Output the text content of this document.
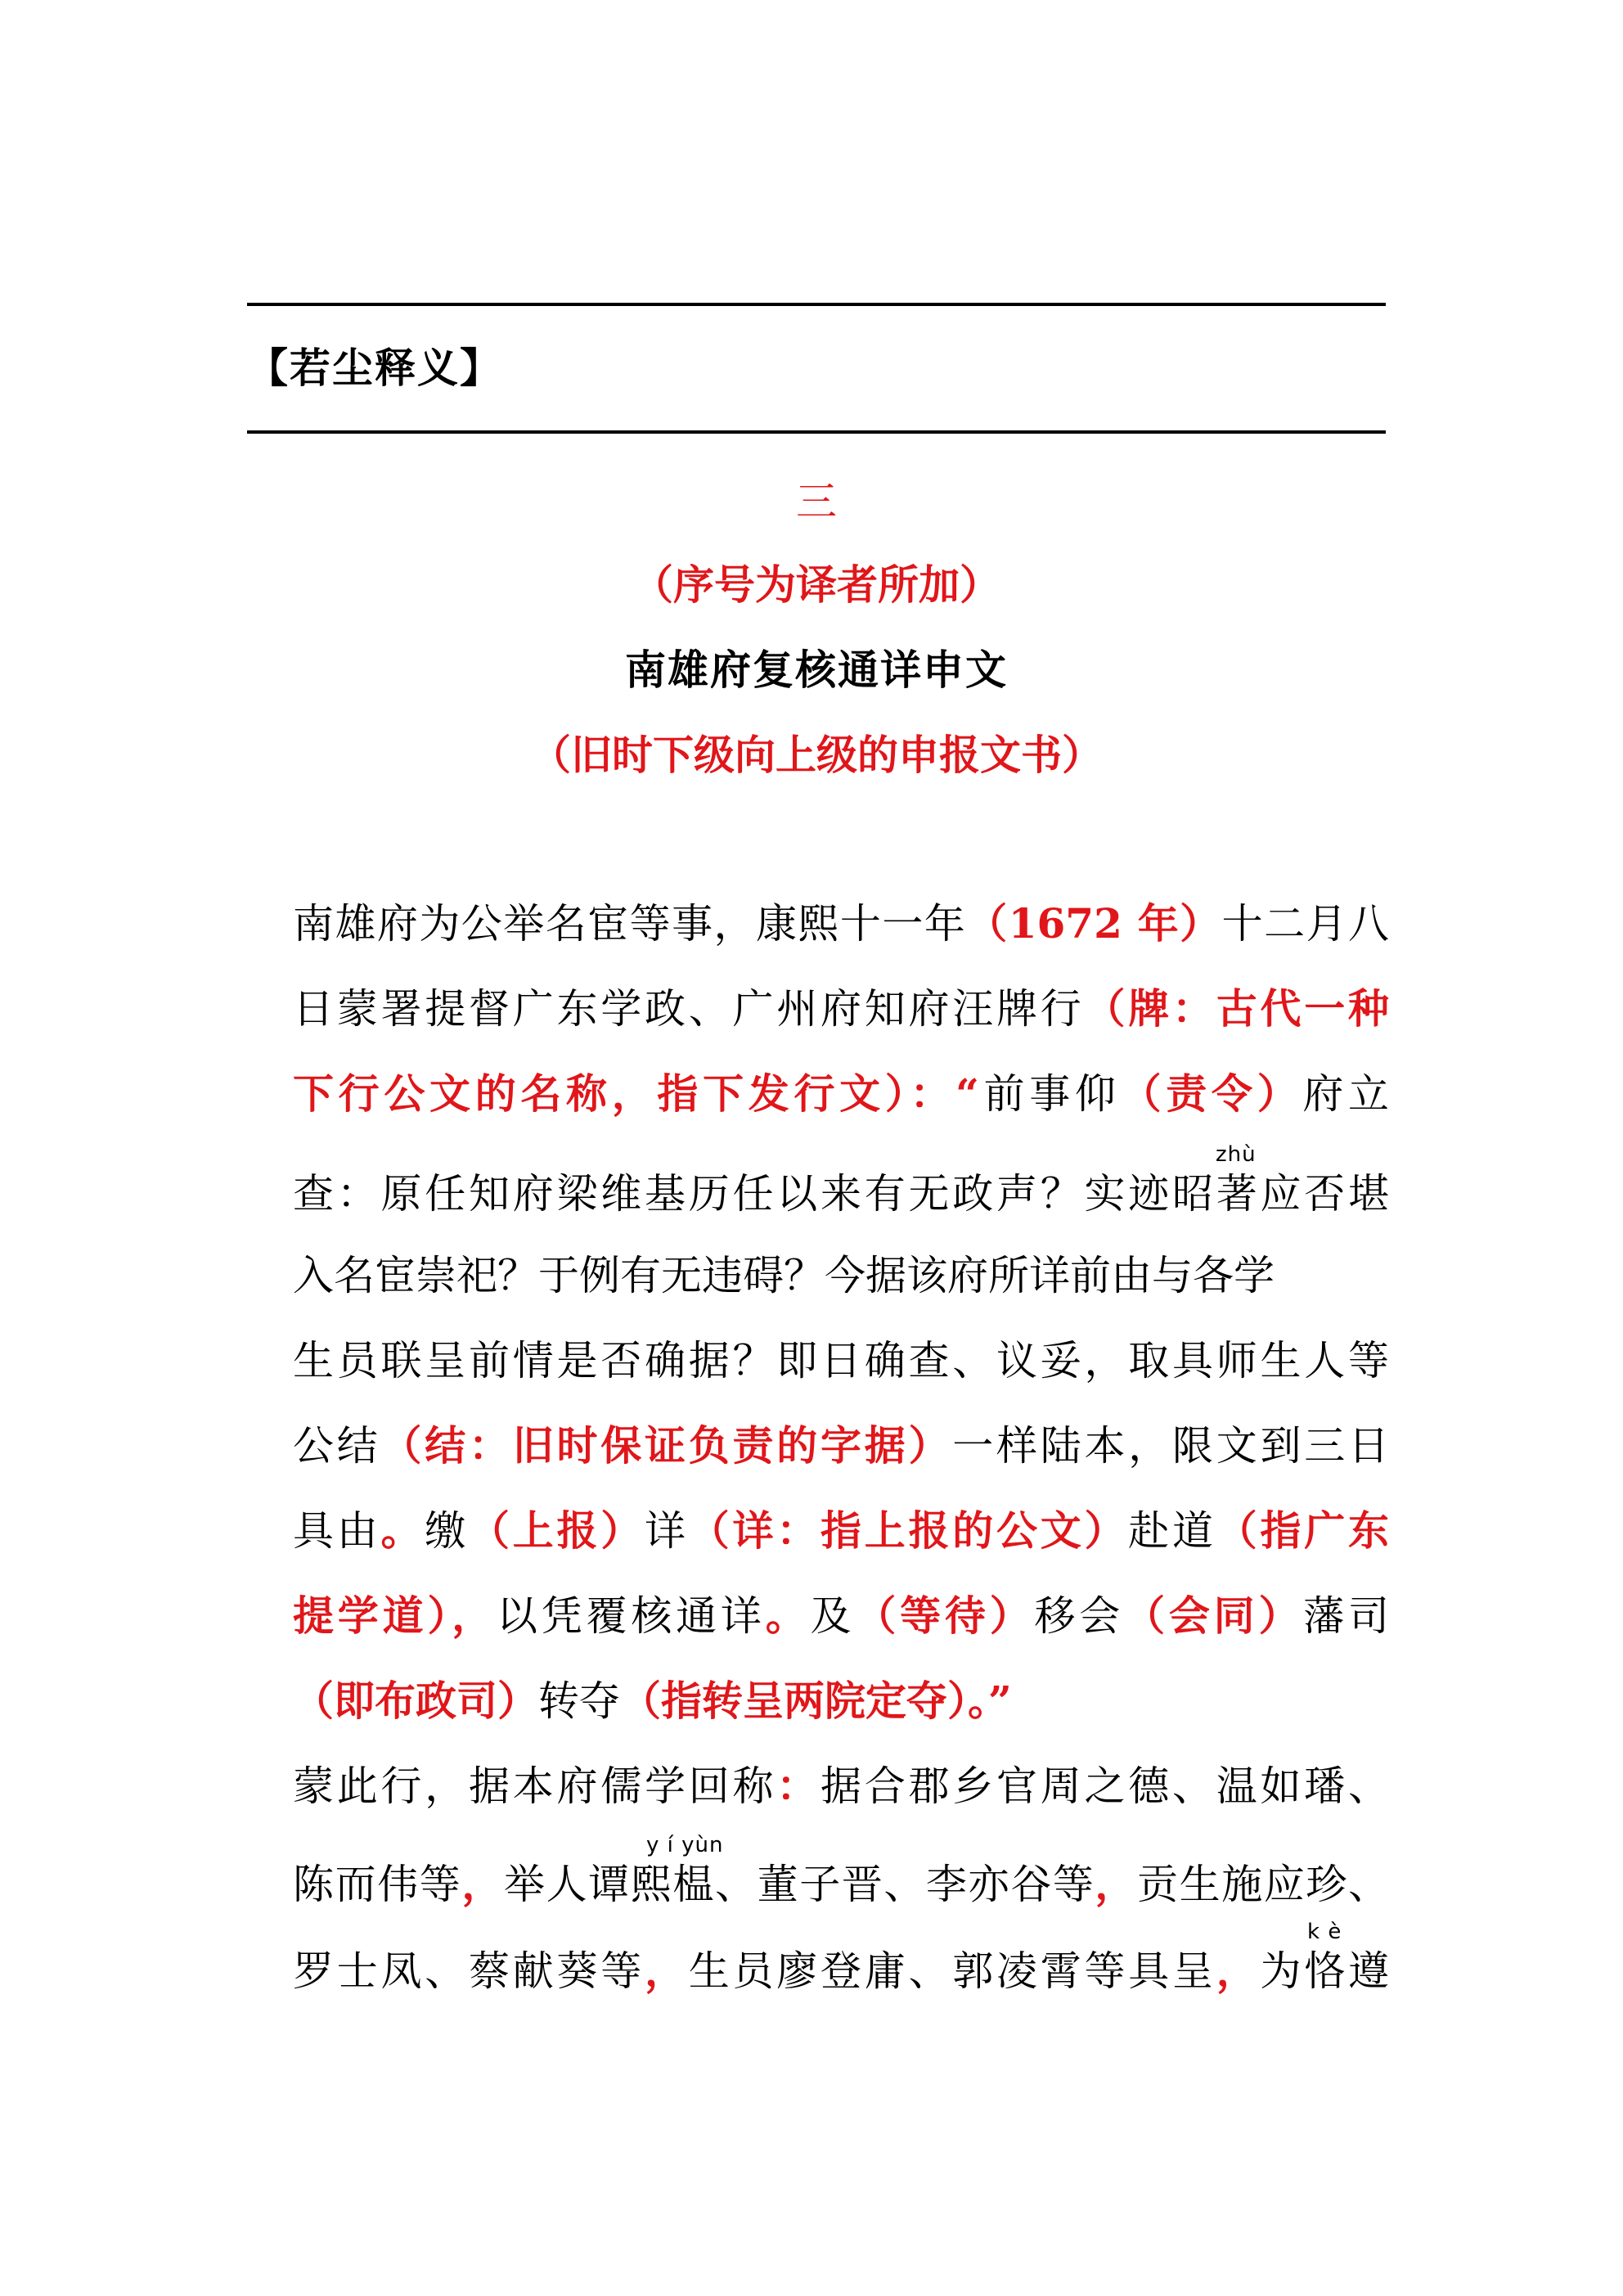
【若尘释义】
三
（序号为译者所加）
南雄府复核通详申文
（旧时下级向上级的申报文书）
南雄府为公举名宦等事，康熙十一年（1672 年）十二月八
日蒙署提督广东学政、广州府知府汪牌行（牌：古代一种
下行公文的名称，指下发行文）：“前事仰（责令）府立
zhù
查：原任知府梁维基历任以来有无政声？实迹昭著应否堪
入名宦崇祀？于例有无违碍？今据该府所详前由与各学
生员联呈前情是否确据？即日确查、议妥，取具师生人等
公结（结：旧时保证负责的字据）一样陆本，限文到三日
具由。缴（上报）详（详：指上报的公文）赴道（指广东
提学道），以凭覆核通详。及（等待）移会（会同）藩司
（即布政司）转夺（指转呈两院定夺）。”
蒙此行，据本府儒学回称：据合郡乡官周之德、温如璠、
y í yùn
陈而伟等，举人谭熙榅、董子晋、李亦谷等，贡生施应珍、
k è
罗士凤、蔡献葵等，生员廖登庸、郭凌霄等具呈，为恪遵
